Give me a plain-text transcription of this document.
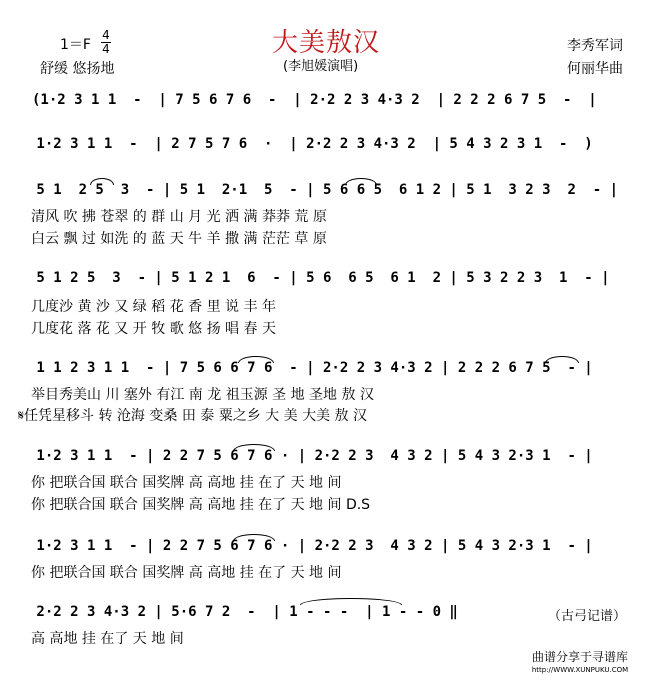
大美敖汉
1＝F
4
4
舒缓 悠扬地	(李旭媛演唱)
李秀军词
何丽华曲
(1·2 3 1 1  -  | 7 5 6 7 6  -  | 2·2 2 3 4·3 2  | 2 2 2 6 7 5  -  |
1·2 3 1 1  -  | 2 7 5 7 6  ·  | 2·2 2 3 4·3 2  | 5 4 3 2 3 1  -  )
5 1  2 5  3  - | 5 1  2·1  5  - | 5 6 6 5  6 1 2 | 5 1  3 2 3  2  - |
清风 吹 拂 苍翠 的 群 山 月 光 洒 满 莽莽 荒 原
白云 飘 过 如洗 的 蓝 天 牛 羊 撒 满 茫茫 草 原
5 1 2 5  3  - | 5 1 2 1  6  - | 5 6  6 5  6 1  2 | 5 3 2 2 3  1  - |
几度沙 黄 沙 又 绿 稻 花 香 里 说 丰 年
几度花 落 花 又 开 牧 歌 悠 扬 唱 春 天
1 1 2 3 1 1  - | 7 5 6 6 7 6  - | 2·2 2 3 4·3 2 | 2 2 2 6 7 5  - |
举目秀美山 川 塞外 有江 南 龙 祖玉源 圣 地 圣地 敖 汉
𝄋任凭星移斗 转 沧海 变桑 田 泰 粟之乡 大 美 大美 敖 汉
1·2 3 1 1  - | 2 2 7 5 6 7 6 · | 2·2 2 3  4 3 2 | 5 4 3 2·3 1  - |
你 把联合国 联合 国奖牌 高 高地 挂 在了 天 地 间
你 把联合国 联合 国奖牌 高 高地 挂 在了 天 地 间 D.S
1·2 3 1 1  - | 2 2 7 5 6 7 6 · | 2·2 2 3  4 3 2 | 5 4 3 2·3 1  - |
你 把联合国 联合 国奖牌 高 高地 挂 在了 天 地 间
2·2 2 3 4·3 2 | 5·6 7 2  -  | 1 - - -  | 1 - - 0 ‖
高 高地 挂 在了 天 地 间
（古弓记谱）
曲谱分享于寻谱库
http://WWW.XUNPUKU.COM
